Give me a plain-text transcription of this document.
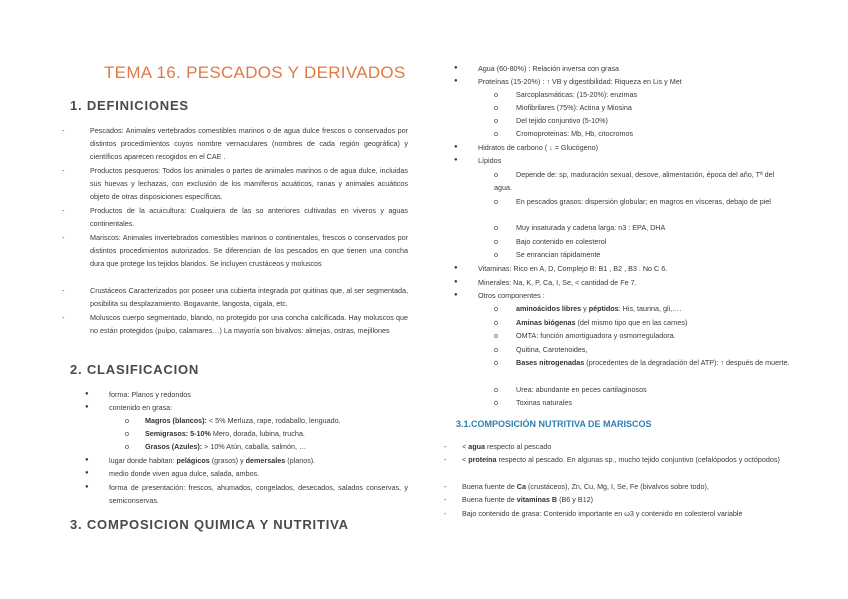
TEMA 16. PESCADOS Y DERIVADOS
1. DEFINICIONES
-	Pescados: Animales vertebrados comestibles marinos o de agua dulce frescos o conservados por distintos procedimientos cuyos nombre vernaculares (nombres de cada región geográfica) y científicos aparecen recogidos en el CAE .
-	Productos pesqueros: Todos los animales o partes de animales marinos o de agua dulce, incluidas sus huevas y lechazas, con exclusión de los mamíferos acuáticos, ranas y animales acuáticos objeto de otras disposiciones específicas.
-	Productos de la acuicultura: Cualquiera de las so anteriores cultivadas en viveros y aguas continentales.
-	Mariscos: Animales invertebrados comestibles marinos o continentales, frescos o conservados por distintos procedimientos autorizados. Se diferencian de los pescados en que tienen una concha dura que protege los tejidos blandos. Se incluyen crustáceos y moluscos
-	Crustáceos Caracterizados por poseer una cubierta integrada por quitinas que, al ser segmentada, posibilita su desplazamiento. Bogavante, langosta, cigala, etc.
-	Moluscos cuerpo segmentado, blando, no protegido por una concha calcificada. Hay moluscos que no están protegidos (pulpo, calamares…) La mayoría son bivalvos: almejas, ostras, mejillones
2. CLASIFICACION
●	forma: Planos y redondos
●	contenido en grasa:
o Magros (blancos): < 5% Merluza, rape, rodaballo, lenguado.
o Semigrasos: 5-10% Mero, dorada, lubina, trucha.
o Grasos (Azules): > 10% Atún, caballa, salmón, …
●	lugar donde habitan: pelágicos (grasos) y demersales (planos).
●	medio donde viven agua dulce, salada, ambos.
●	forma de presentación: frescos, ahumados, congelados, desecados, salados conservas, y semiconservas.
3. COMPOSICION QUIMICA Y NUTRITIVA
●	Agua (60-80%) : Relación inversa con grasa
●	Proteínas (15-20%) : ↑ VB y digestibilidad: Riqueza en Lis y Met
o	Sarcoplasmáticas: (15-20%): enzimas
o	Miofibrilares (75%): Actina y Miosina
o	Del tejido conjuntivo (5-10%)
o	Cromoproteinas: Mb, Hb, citocromos
●	Hidratos de carbono ( ↓ = Glucógeno)
●	Lípidos
o	Depende de: sp, maduración sexual, desove, alimentación, época del año, Tª del agua.
o	En pescados grasos: dispersión globular; en magros en vísceras, debajo de piel
o	Muy insaturada y cadena larga: n3 : EPA, DHA
o	Bajo contenido en colesterol
o	Se enrancian rápidamente
●	Vitaminas: Rico en A, D, Complejo B: B1 , B2 , B3 . No C 6.
●	Minerales: Na, K, P, Ca, I, Se, < cantidad de Fe 7.
●	Otros componentes :
o	aminoácidos libres y péptidos: His, taurina, gli,….
o	Aminas biógenas (del mismo tipo que en las carnes)
o	OMTA: función amortiguadora y osmorreguladora.
o	Quitina, Carotenoides,
o	Bases nitrogenadas (procedentes de la degradación del ATP): ↑ después de muerte.
o	Urea: abundante en peces cartilaginosos
o	Toxinas naturales
3.1.COMPOSICIÓN NUTRITIVA DE MARISCOS
- < agua respecto al pescado
- < proteína respecto al pescado. En algunas sp., mucho tejido conjuntivo (cefalópodos y octópodos)
- Buena fuente de Ca (crustáceos), Zn, Cu, Mg, I, Se, Fe (bivalvos sobre todo),
- Buena fuente de vitaminas B (B6 y B12)
- Bajo contenido de grasa: Contenido importante en ω3 y contenido en colesterol variable
